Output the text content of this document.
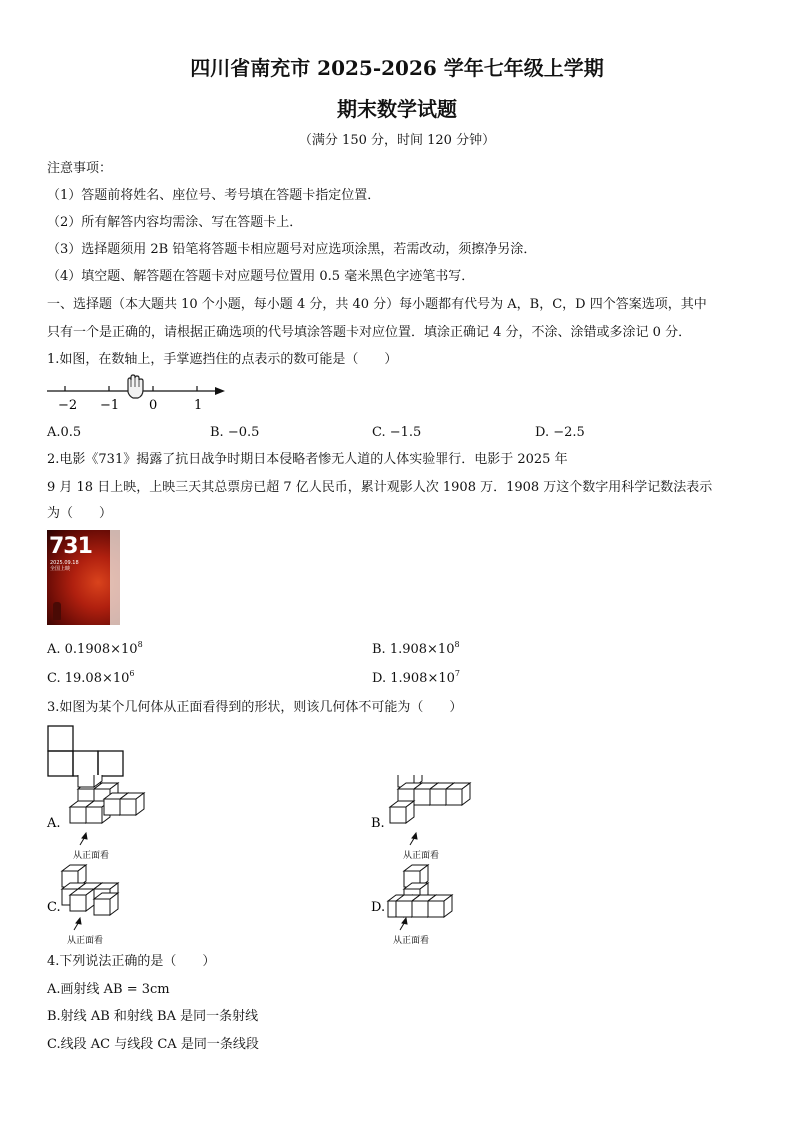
四川省南充市 2025-2026 学年七年级上学期
期末数学试题
（满分 150 分，时间 120 分钟）
注意事项：
（1）答题前将姓名、座位号、考号填在答题卡指定位置．
（2）所有解答内容均需涂、写在答题卡上．
（3）选择题须用 2B 铅笔将答题卡相应题号对应选项涂黑，若需改动，须擦净另涂．
（4）填空题、解答题在答题卡对应题号位置用 0.5 毫米黑色字迹笔书写．
一、选择题（本大题共 10 个小题，每小题 4 分，共 40 分）每小题都有代号为 A，B，C，D 四个答案选项，其中
只有一个是正确的，请根据正确选项的代号填涂答题卡对应位置．填涂正确记 4 分，不涂、涂错或多涂记 0 分．
1.如图，在数轴上，手掌遮挡住的点表示的数可能是（　　）
−2 −1 0	1
A.0.5	B. −0.5	C. −1.5	D. −2.5
2.电影《731》揭露了抗日战争时期日本侵略者惨无人道的人体实验罪行．电影于 2025 年
9 月 18 日上映，上映三天其总票房已超 7 亿人民币，累计观影人次 1908 万．1908 万这个数字用科学记数法表示
为（　　）
731
2025.09.18
全国上映
A. $0.1908\times 10^8$	B. $1.908\times 10^8$
C. $19.08\times 10^6$	D. $1.908\times 10^7$
3.如图为某个几何体从正面看得到的形状，则该几何体不可能为（　　）
A.	B.
C.	D.
从正面看	从正面看
从正面看	从正面看
4.下列说法正确的是（　　）
A.画射线 AB = 3cm
B.射线 AB 和射线 BA 是同一条射线
C.线段 AC 与线段 CA 是同一条线段
